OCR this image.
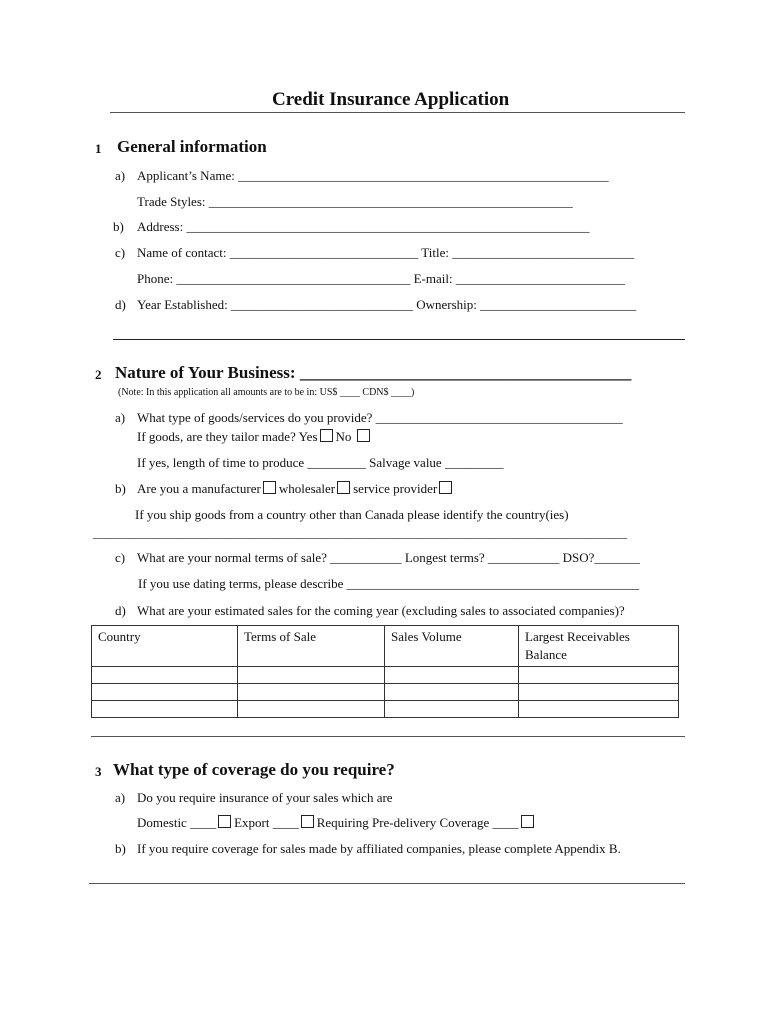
Credit Insurance Application
1 General information
a) Applicant’s Name: _________________________________________________________
Trade Styles: ________________________________________________________
b) Address: ______________________________________________________________
c) Name of contact: _____________________________ Title: ____________________________
Phone: ____________________________________ E-mail: __________________________
d) Year Established: ____________________________ Ownership: ________________________
2 Nature of Your Business: _______________________________________
(Note: In this application all amounts are to be in: US$ ____ CDN$ ____)
a) What type of goods/services do you provide? ______________________________________
If goods, are they tailor made? Yes No
If yes, length of time to produce _________ Salvage value _________
b) Are you a manufacturer wholesaler service provider
If you ship goods from a country other than Canada please identify the country(ies)
_________________________________________________________________________________________
c) What are your normal terms of sale? ___________ Longest terms? ___________ DSO?_______
If you use dating terms, please describe _____________________________________________
d) What are your estimated sales for the coming year (excluding sales to associated companies)?
Country	Terms of Sale	Sales Volume	Largest Receivables Balance

3 What type of coverage do you require?
a) Do you require insurance of your sales which are
Domestic ____ Export ____ Requiring Pre-delivery Coverage ____
b) If you require coverage for sales made by affiliated companies, please complete Appendix B.
